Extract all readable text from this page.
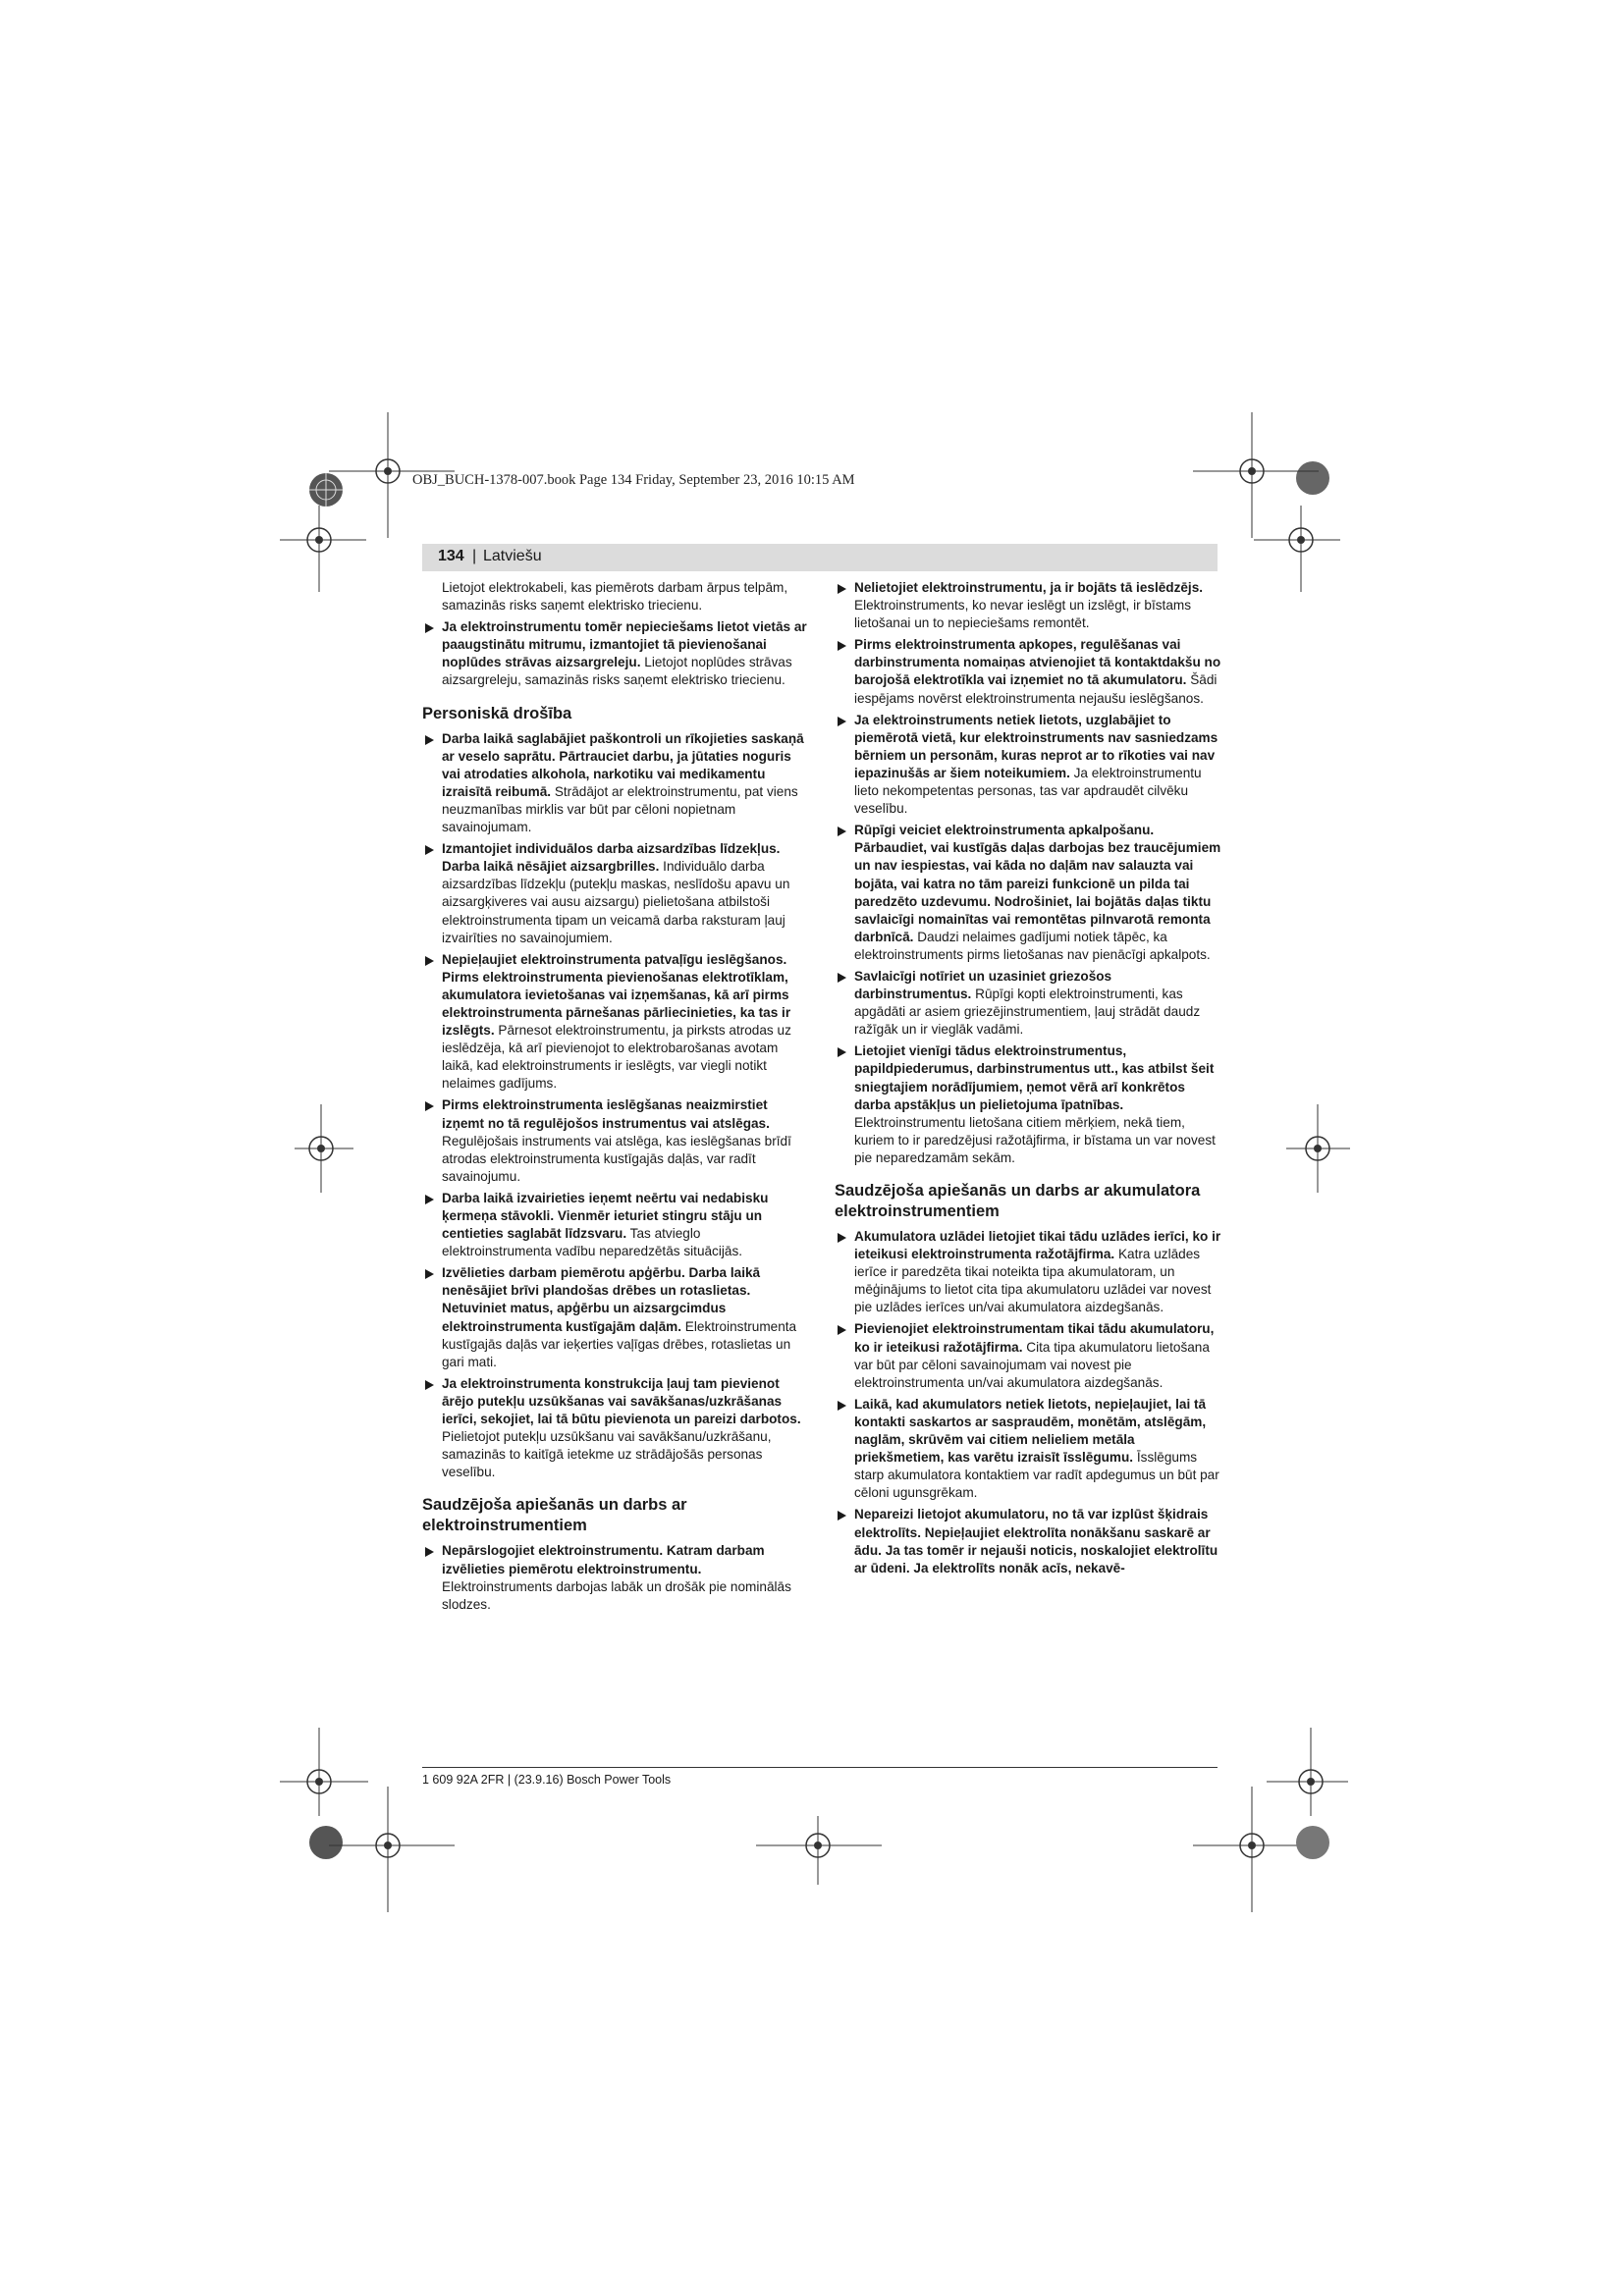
OBJ_BUCH-1378-007.book Page 134 Friday, September 23, 2016 10:15 AM
134 | Latviešu

Lietojot elektrokabeli, kas piemērots darbam ārpus telpām, samazinās risks saņemt elektrisko triecienu.

Ja elektroinstrumentu tomēr nepieciešams lietot vietās ar paaugstinātu mitrumu, izmantojiet tā pievienošanai noplūdes strāvas aizsargreleju. Lietojot noplūdes strāvas aizsargreleju, samazinās risks saņemt elektrisko triecienu.
Personiskā drošība
Darba laikā saglabājiet paškontroli un rīkojieties saskaņā ar veselo saprātu. Pārtrauciet darbu, ja jūtaties noguris vai atrodaties alkohola, narkotiku vai medikamentu izraisītā reibumā. Strādājot ar elektroinstrumentu, pat viens neuzmanības mirklis var būt par cēloni nopietnam savainojumam.
Izmantojiet individuālos darba aizsardzības līdzekļus. Darba laikā nēsājiet aizsargbrilles. Individuālo darba aizsardzības līdzekļu (putekļu maskas, neslīdošu apavu un aizsargķiveres vai ausu aizsargu) pielietošana atbilstoši elektroinstrumenta tipam un veicamā darba raksturam ļauj izvairīties no savainojumiem.
Nepieļaujiet elektroinstrumenta patvaļīgu ieslēgšanos. Pirms elektroinstrumenta pievienošanas elektrotīklam, akumulatora ievietošanas vai izņemšanas, kā arī pirms elektroinstrumenta pārnešanas pārliecinieties, ka tas ir izslēgts. Pārnesot elektroinstrumentu, ja pirksts atrodas uz ieslēdzēja, kā arī pievienojot to elektrobarošanas avotam laikā, kad elektroinstruments ir ieslēgts, var viegli notikt nelaimes gadījums.
Pirms elektroinstrumenta ieslēgšanas neaizmirstiet izņemt no tā regulējošos instrumentus vai atslēgas. Regulējošais instruments vai atslēga, kas ieslēgšanas brīdī atrodas elektroinstrumenta kustīgajās daļās, var radīt savainojumu.
Darba laikā izvairieties ieņemt neērtu vai nedabisku ķermeņa stāvokli. Vienmēr ieturiet stingru stāju un centieties saglabāt līdzsvaru. Tas atvieglo elektroinstrumenta vadību neparedzētās situācijās.
Izvēlieties darbam piemērotu apģērbu. Darba laikā nenēsājiet brīvi plandošas drēbes un rotaslietas. Netuviniet matus, apģērbu un aizsargcimdus elektroinstrumenta kustīgajām daļām. Elektroinstrumenta kustīgajās daļās var ieķerties vaļīgas drēbes, rotaslietas un gari mati.
Ja elektroinstrumenta konstrukcija ļauj tam pievienot ārējo putekļu uzsūkšanas vai savākšanas/uzkrāšanas ierīci, sekojiet, lai tā būtu pievienota un pareizi darbotos. Pielietojot putekļu uzsūkšanu vai savākšanu/uzkrāšanu, samazinās to kaitīgā ietekme uz strādājošās personas veselību.
Saudzējoša apiešanās un darbs ar elektroinstrumentiem
Nepārslogojiet elektroinstrumentu. Katram darbam izvēlieties piemērotu elektroinstrumentu. Elektroinstruments darbojas labāk un drošāk pie nominālās slodzes.
Nelietojiet elektroinstrumentu, ja ir bojāts tā ieslēdzējs. Elektroinstruments, ko nevar ieslēgt un izslēgt, ir bīstams lietošanai un to nepieciešams remontēt.
Pirms elektroinstrumenta apkopes, regulēšanas vai darbinstrumenta nomaiņas atvienojiet tā kontaktdakšu no barojošā elektrotīkla vai izņemiet no tā akumulatoru. Šādi iespējams novērst elektroinstrumenta nejaušu ieslēgšanos.
Ja elektroinstruments netiek lietots, uzglabājiet to piemērotā vietā, kur elektroinstruments nav sasniedzams bērniem un personām, kuras neprot ar to rīkoties vai nav iepazinušās ar šiem noteikumiem. Ja elektroinstrumentu lieto nekompetentas personas, tas var apdraudēt cilvēku veselību.
Rūpīgi veiciet elektroinstrumenta apkalpošanu. Pārbaudiet, vai kustīgās daļas darbojas bez traucējumiem un nav iespiestas, vai kāda no daļām nav salauzta vai bojāta, vai katra no tām pareizi funkcionē un pilda tai paredzēto uzdevumu. Nodrošiniet, lai bojātās daļas tiktu savlaicīgi nomainītas vai remontētas pilnvarotā remonta darbnīcā. Daudzi nelaimes gadījumi notiek tāpēc, ka elektroinstruments pirms lietošanas nav pienācīgi apkalpots.
Savlaicīgi notīriet un uzasiniet griezošos darbinstrumentus. Rūpīgi kopti elektroinstrumenti, kas apgādāti ar asiem griezējinstrumentiem, ļauj strādāt daudz ražīgāk un ir vieglāk vadāmi.
Lietojiet vienīgi tādus elektroinstrumentus, papildpiederumus, darbinstrumentus utt., kas atbilst šeit sniegtajiem norādījumiem, ņemot vērā arī konkrētos darba apstākļus un pielietojuma īpatnības. Elektroinstrumentu lietošana citiem mērķiem, nekā tiem, kuriem to ir paredzējusi ražotājfirma, ir bīstama un var novest pie neparedzamām sekām.
Saudzējoša apiešanās un darbs ar akumulatora elektroinstrumentiem
Akumulatora uzlādei lietojiet tikai tādu uzlādes ierīci, ko ir ieteikusi elektroinstrumenta ražotājfirma. Katra uzlādes ierīce ir paredzēta tikai noteikta tipa akumulatoram, un mēģinājums to lietot cita tipa akumulatoru uzlādei var novest pie uzlādes ierīces un/vai akumulatora aizdegšanās.
Pievienojiet elektroinstrumentam tikai tādu akumulatoru, ko ir ieteikusi ražotājfirma. Cita tipa akumulatoru lietošana var būt par cēloni savainojumam vai novest pie elektroinstrumenta un/vai akumulatora aizdegšanās.
Laikā, kad akumulators netiek lietots, nepieļaujiet, lai tā kontakti saskartos ar saspraudēm, monētām, atslēgām, naglām, skrūvēm vai citiem nelieliem metāla priekšmetiem, kas varētu izraisīt īsslēgumu. Īsslēgums starp akumulatora kontaktiem var radīt apdegumus un būt par cēloni ugunsgrēkam.
Nepareizi lietojot akumulatoru, no tā var izplūst šķidrais elektrolīts. Nepieļaujiet elektrolīta nonākšanu saskarē ar ādu. Ja tas tomēr ir nejauši noticis, noskalojiet elektrolītu ar ūdeni. Ja elektrolīts nonāk acīs, nekavē-
1 609 92A 2FR | (23.9.16) Bosch Power Tools
